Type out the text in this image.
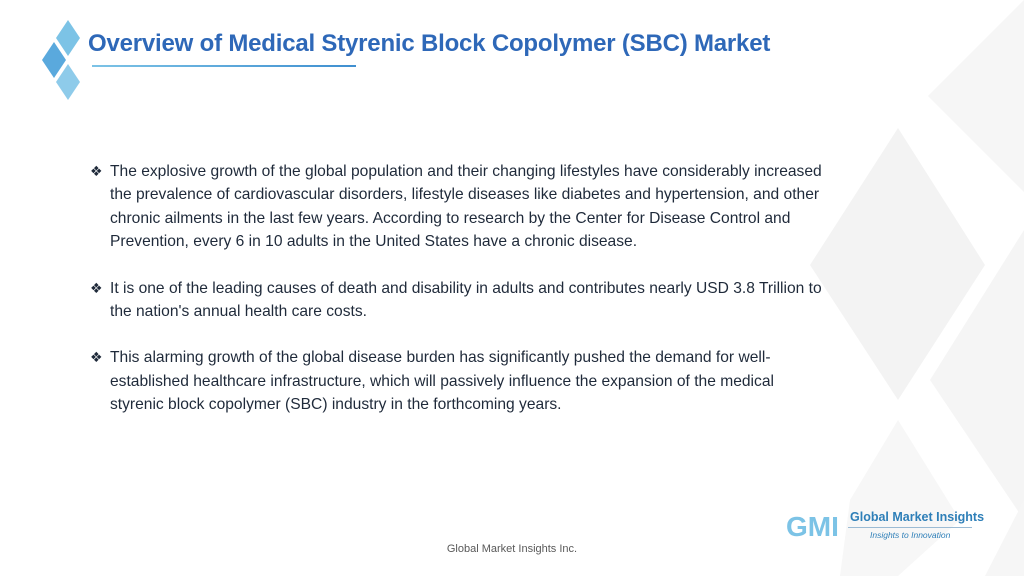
Overview of Medical Styrenic Block Copolymer (SBC) Market
❖ The explosive growth of the global population and their changing lifestyles have considerably increased the prevalence of cardiovascular disorders, lifestyle diseases like diabetes and hypertension, and other chronic ailments in the last few years. According to research by the Center for Disease Control and Prevention, every 6 in 10 adults in the United States have a chronic disease.
❖ It is one of the leading causes of death and disability in adults and contributes nearly USD 3.8 Trillion to the nation's annual health care costs.
❖ This alarming growth of the global disease burden has significantly pushed the demand for well-established healthcare infrastructure, which will passively influence the expansion of the medical styrenic block copolymer (SBC) industry in the forthcoming years.
GMI Global Market Insights
Insights to Innovation
Global Market Insights Inc.
